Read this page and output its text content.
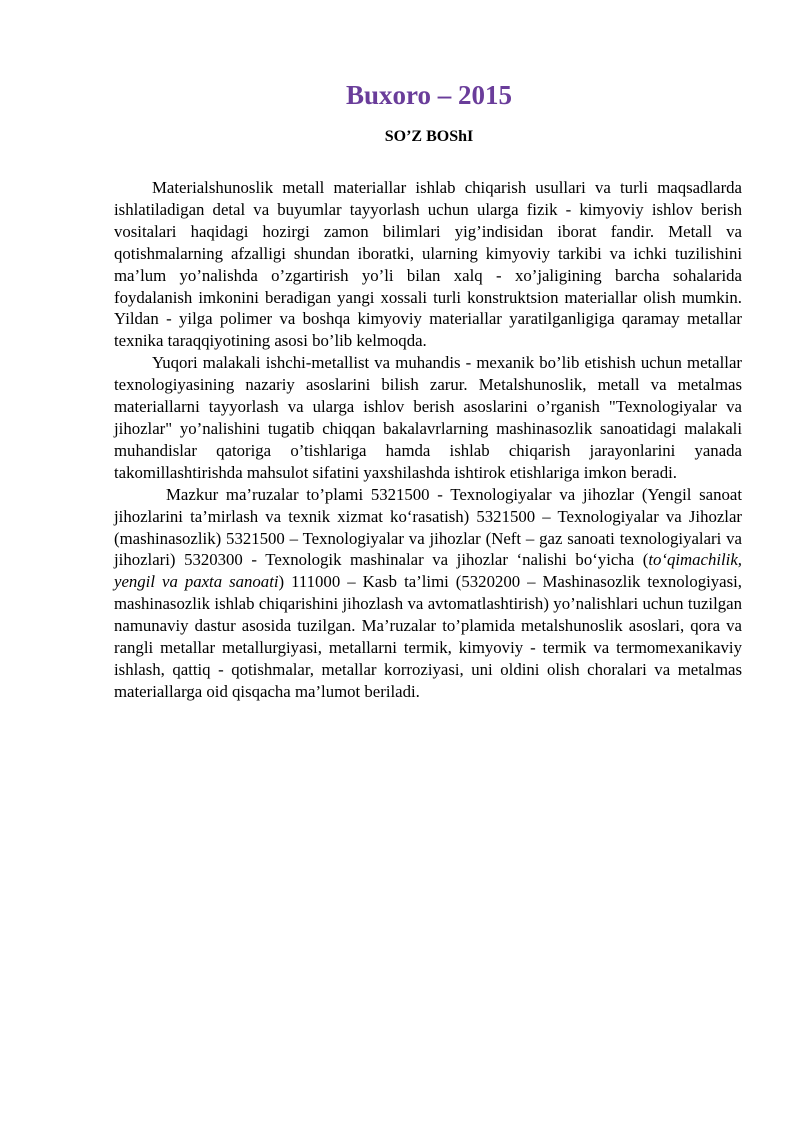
Buxoro – 2015
SO’Z BOShI

Materialshunoslik metall materiallar ishlab chiqarish usullari va turli maqsadlarda ishlatiladigan detal va buyumlar tayyorlash uchun ularga fizik - kimyoviy ishlov berish vositalari haqidagi hozirgi zamon bilimlari yig’indisidan iborat fandir. Metall va qotishmalarning afzalligi shundan iboratki, ularning kimyoviy tarkibi va ichki tuzilishini ma’lum yo’nalishda o’zgartirish yo’li bilan xalq - xo’jaligining barcha sohalarida foydalanish imkonini beradigan yangi xossali turli konstruktsion materiallar olish mumkin. Yildan - yilga polimer va boshqa kimyoviy materiallar yaratilganligiga qaramay metallar texnika taraqqiyotining asosi bo’lib kelmoqda.

Yuqori malakali ishchi-metallist va muhandis - mexanik bo’lib etishish uchun metallar texnologiyasining nazariy asoslarini bilish zarur. Metalshunoslik, metall va metalmas materiallarni tayyorlash va ularga ishlov berish asoslarini o’rganish "Texnologiyalar va jihozlar" yo’nalishini tugatib chiqqan bakalavrlarning mashinasozlik sanoatidagi malakali muhandislar qatoriga o’tishlariga hamda ishlab chiqarish jarayonlarini yanada takomillashtirishda mahsulot sifatini yaxshilashda ishtirok etishlariga imkon beradi.

Mazkur ma’ruzalar to’plami 5321500 - Texnologiyalar va jihozlar (Yengil sanoat jihozlarini ta’mirlash va texnik xizmat ko‘rasatish) 5321500 – Texnologiyalar va Jihozlar (mashinasozlik) 5321500 – Texnologiyalar va jihozlar (Neft – gaz sanoati texnologiyalari va jihozlari) 5320300 - Texnologik mashinalar va jihozlar ‘nalishi bo‘yicha (to‘qimachilik, yengil va paxta sanoati) 111000 – Kasb ta’limi (5320200 – Mashinasozlik texnologiyasi, mashinasozlik ishlab chiqarishini jihozlash va avtomatlashtirish) yo’nalishlari uchun tuzilgan namunaviy dastur asosida tuzilgan. Ma’ruzalar to’plamida metalshunoslik asoslari, qora va rangli metallar metallurgiyasi, metallarni termik, kimyoviy - termik va termomexanikaviy ishlash, qattiq - qotishmalar, metallar korroziyasi, uni oldini olish choralari va metalmas materiallarga oid qisqacha ma’lumot beriladi.
